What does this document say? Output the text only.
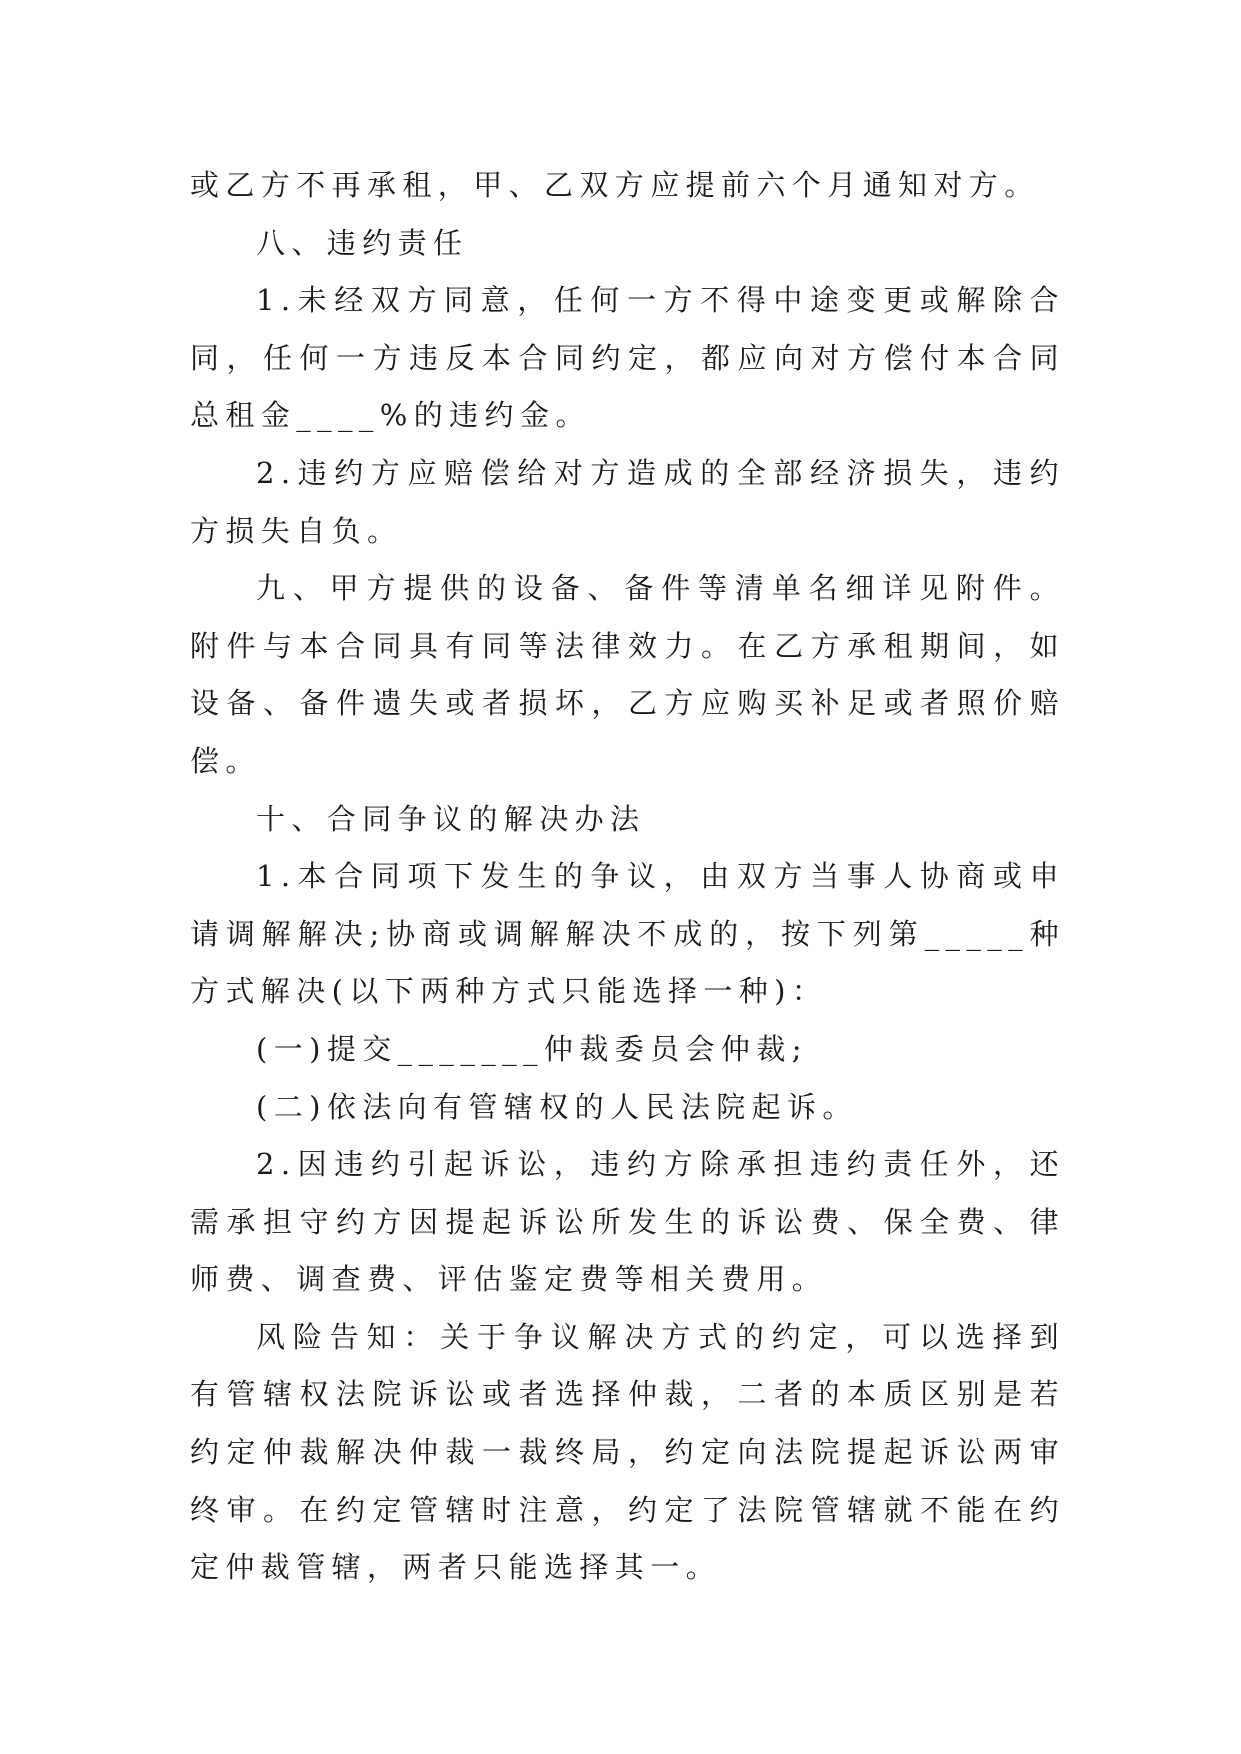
或乙方不再承租，甲、乙双方应提前六个月通知对方。

八、违约责任

1.未经双方同意，任何一方不得中途变更或解除合同，任何一方违反本合同约定，都应向对方偿付本合同总租金____%的违约金。

2.违约方应赔偿给对方造成的全部经济损失，违约方损失自负。

九、甲方提供的设备、备件等清单名细详见附件。附件与本合同具有同等法律效力。在乙方承租期间，如设备、备件遗失或者损坏，乙方应购买补足或者照价赔偿。

十、合同争议的解决办法

1.本合同项下发生的争议，由双方当事人协商或申请调解解决;协商或调解解决不成的，按下列第_____种方式解决(以下两种方式只能选择一种)：

(一)提交_______仲裁委员会仲裁;

(二)依法向有管辖权的人民法院起诉。

2.因违约引起诉讼，违约方除承担违约责任外，还需承担守约方因提起诉讼所发生的诉讼费、保全费、律师费、调查费、评估鉴定费等相关费用。

风险告知：关于争议解决方式的约定，可以选择到有管辖权法院诉讼或者选择仲裁，二者的本质区别是若约定仲裁解决仲裁一裁终局，约定向法院提起诉讼两审终审。在约定管辖时注意，约定了法院管辖就不能在约定仲裁管辖，两者只能选择其一。
